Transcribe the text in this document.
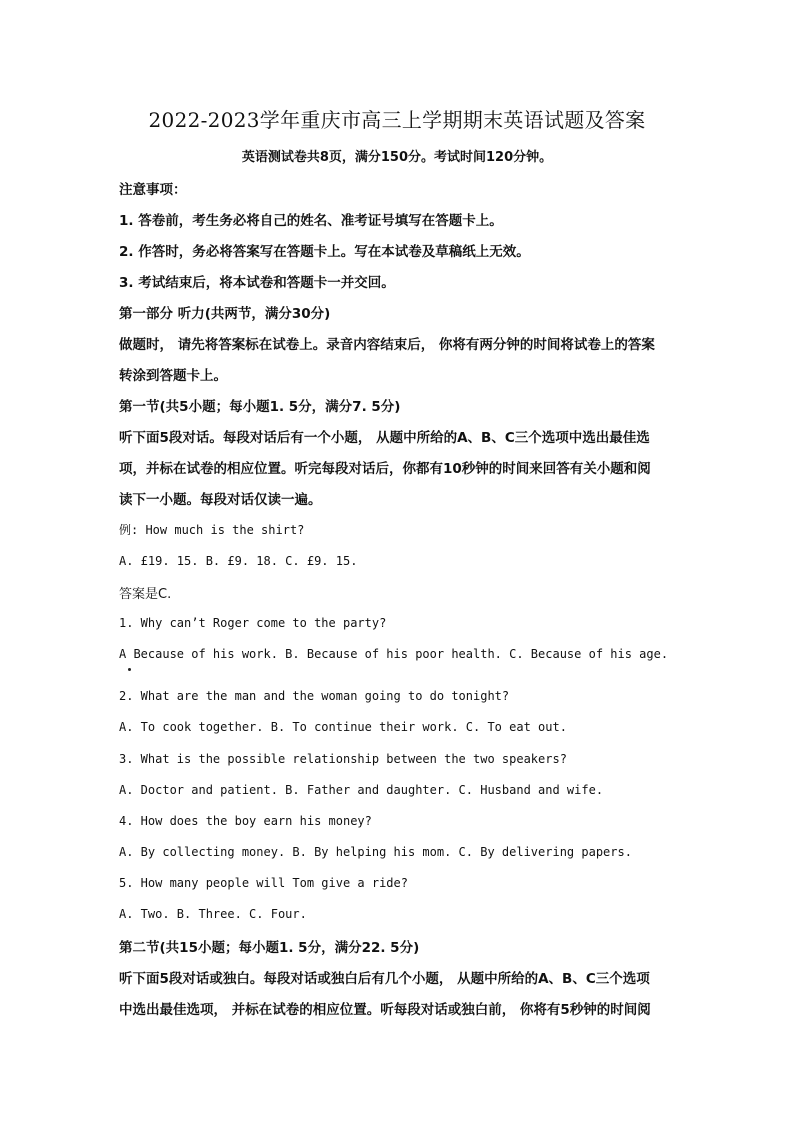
2022-2023学年重庆市高三上学期期末英语试题及答案
英语测试卷共8页，满分150分。考试时间120分钟。
注意事项：
1. 答卷前，考生务必将自己的姓名、准考证号填写在答题卡上。
2. 作答时，务必将答案写在答题卡上。写在本试卷及草稿纸上无效。
3. 考试结束后，将本试卷和答题卡一并交回。
第一部分 听力(共两节，满分30分)
做题时， 请先将答案标在试卷上。录音内容结束后， 你将有两分钟的时间将试卷上的答案
转涂到答题卡上。
第一节(共5小题；每小题1. 5分，满分7. 5分)
听下面5段对话。每段对话后有一个小题， 从题中所给的A、B、C三个选项中选出最佳选
项，并标在试卷的相应位置。听完每段对话后，你都有10秒钟的时间来回答有关小题和阅
读下一小题。每段对话仅读一遍。
例: How much is the shirt?
A. £19. 15. B. £9. 18. C. £9. 15.
答案是C.
1. Why can’t Roger come to the party?
A Because of his work. B. Because of his poor health. C. Because of his age.
2. What are the man and the woman going to do tonight?
A. To cook together. B. To continue their work. C. To eat out.
3. What is the possible relationship between the two speakers?
A. Doctor and patient. B. Father and daughter. C. Husband and wife.
4. How does the boy earn his money?
A. By collecting money. B. By helping his mom. C. By delivering papers.
5. How many people will Tom give a ride?
A. Two. B. Three. C. Four.
第二节(共15小题；每小题1. 5分，满分22. 5分)
听下面5段对话或独白。每段对话或独白后有几个小题， 从题中所给的A、B、C三个选项
中选出最佳选项， 并标在试卷的相应位置。听每段对话或独白前， 你将有5秒钟的时间阅
